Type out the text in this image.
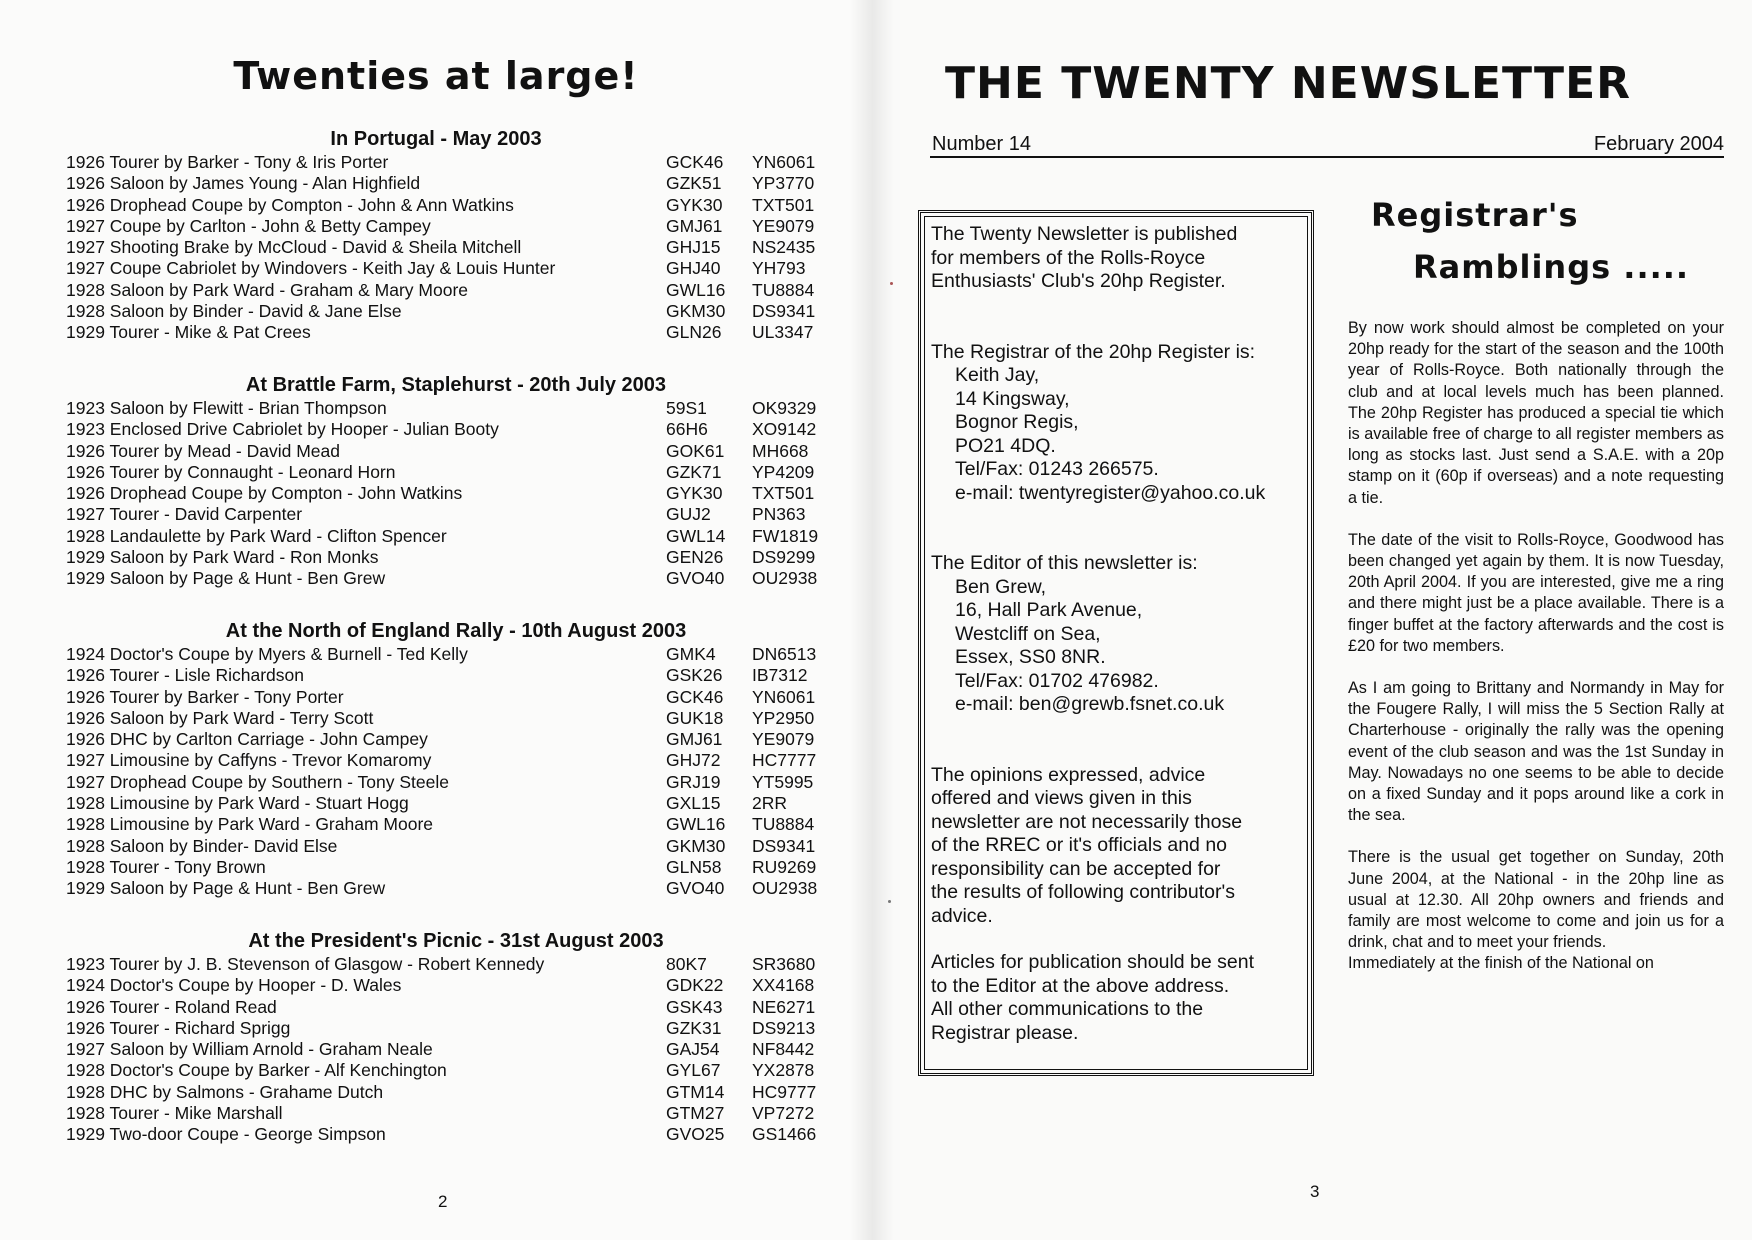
Twenties at large!
In Portugal - May 2003
1926 Tourer by Barker - Tony & Iris Porter	GCK46 YN6061
1926 Saloon by James Young - Alan Highfield	GZK51 YP3770
1926 Drophead Coupe by Compton - John & Ann Watkins	GYK30 TXT501
1927 Coupe by Carlton - John & Betty Campey	GMJ61 YE9079
1927 Shooting Brake by McCloud - David & Sheila Mitchell	GHJ15 NS2435
1927 Coupe Cabriolet by Windovers - Keith Jay & Louis Hunter	GHJ40 YH793
1928 Saloon by Park Ward - Graham & Mary Moore	GWL16 TU8884
1928 Saloon by Binder - David & Jane Else	GKM30 DS9341
1929 Tourer - Mike & Pat Crees	GLN26 UL3347
At Brattle Farm, Staplehurst - 20th July 2003
1923 Saloon by Flewitt - Brian Thompson	59S1	OK9329
1923 Enclosed Drive Cabriolet by Hooper - Julian Booty	66H6	XO9142
1926 Tourer by Mead - David Mead	GOK61 MH668
1926 Tourer by Connaught - Leonard Horn	GZK71 YP4209
1926 Drophead Coupe by Compton - John Watkins	GYK30 TXT501
1927 Tourer - David Carpenter	GUJ2 PN363
1928 Landaulette by Park Ward - Clifton Spencer	GWL14 FW1819
1929 Saloon by Park Ward - Ron Monks	GEN26 DS9299
1929 Saloon by Page & Hunt - Ben Grew	GVO40 OU2938
At the North of England Rally - 10th August 2003
1924 Doctor's Coupe by Myers & Burnell - Ted Kelly	GMK4 DN6513
1926 Tourer - Lisle Richardson	GSK26 IB7312
1926 Tourer by Barker - Tony Porter	GCK46 YN6061
1926 Saloon by Park Ward - Terry Scott	GUK18 YP2950
1926 DHC by Carlton Carriage - John Campey	GMJ61 YE9079
1927 Limousine by Caffyns - Trevor Komaromy	GHJ72 HC7777
1927 Drophead Coupe by Southern - Tony Steele	GRJ19 YT5995
1928 Limousine by Park Ward - Stuart Hogg	GXL15 2RR
1928 Limousine by Park Ward - Graham Moore	GWL16 TU8884
1928 Saloon by Binder- David Else	GKM30 DS9341
1928 Tourer - Tony Brown	GLN58 RU9269
1929 Saloon by Page & Hunt - Ben Grew	GVO40 OU2938
At the President's Picnic - 31st August 2003
1923 Tourer by J. B. Stevenson of Glasgow - Robert Kennedy	80K7	SR3680
1924 Doctor's Coupe by Hooper - D. Wales	GDK22 XX4168
1926 Tourer - Roland Read	GSK43 NE6271
1926 Tourer - Richard Sprigg	GZK31 DS9213
1927 Saloon by William Arnold - Graham Neale	GAJ54 NF8442
1928 Doctor's Coupe by Barker - Alf Kenchington	GYL67 YX2878
1928 DHC by Salmons - Grahame Dutch	GTM14 HC9777
1928 Tourer - Mike Marshall	GTM27 VP7272
1929 Two-door Coupe - George Simpson	GVO25 GS1466
2
THE TWENTY NEWSLETTER
Number 14	February 2004
The Twenty Newsletter is published
for members of the Rolls-Royce
Enthusiasts' Club's 20hp Register.
The Registrar of the 20hp Register is:
Keith Jay,
14 Kingsway,
Bognor Regis,
PO21 4DQ.
Tel/Fax: 01243 266575.
e-mail: twentyregister@yahoo.co.uk
The Editor of this newsletter is:
Ben Grew,
16, Hall Park Avenue,
Westcliff on Sea,
Essex, SS0 8NR.
Tel/Fax: 01702 476982.
e-mail: ben@grewb.fsnet.co.uk
The opinions expressed, advice
offered and views given in this
newsletter are not necessarily those
of the RREC or it's officials and no
responsibility can be accepted for
the results of following contributor's
advice.
Articles for publication should be sent
to the Editor at the above address.
All other communications to the
Registrar please.
Registrar's
Ramblings .....

By now work should almost be completed on your 20hp ready for the start of the season and the 100th year of Rolls-Royce. Both nationally through the club and at local levels much has been planned. The 20hp Register has produced a special tie which is available free of charge to all register members as long as stocks last. Just send a S.A.E. with a 20p stamp on it (60p if overseas) and a note requesting a tie.

The date of the visit to Rolls-Royce, Goodwood has been changed yet again by them. It is now Tuesday, 20th April 2004. If you are interested, give me a ring and there might just be a place available. There is a finger buffet at the factory afterwards and the cost is £20 for two members.

As I am going to Brittany and Normandy in May for the Fougere Rally, I will miss the 5 Section Rally at Charterhouse - originally the rally was the opening event of the club season and was the 1st Sunday in May. Nowadays no one seems to be able to decide on a fixed Sunday and it pops around like a cork in the sea.

There is the usual get together on Sunday, 20th June 2004, at the National - in the 20hp line as usual at 12.30. All 20hp owners and friends and family are most welcome to come and join us for a drink, chat and to meet your friends.

Immediately at the finish of the National on

3
